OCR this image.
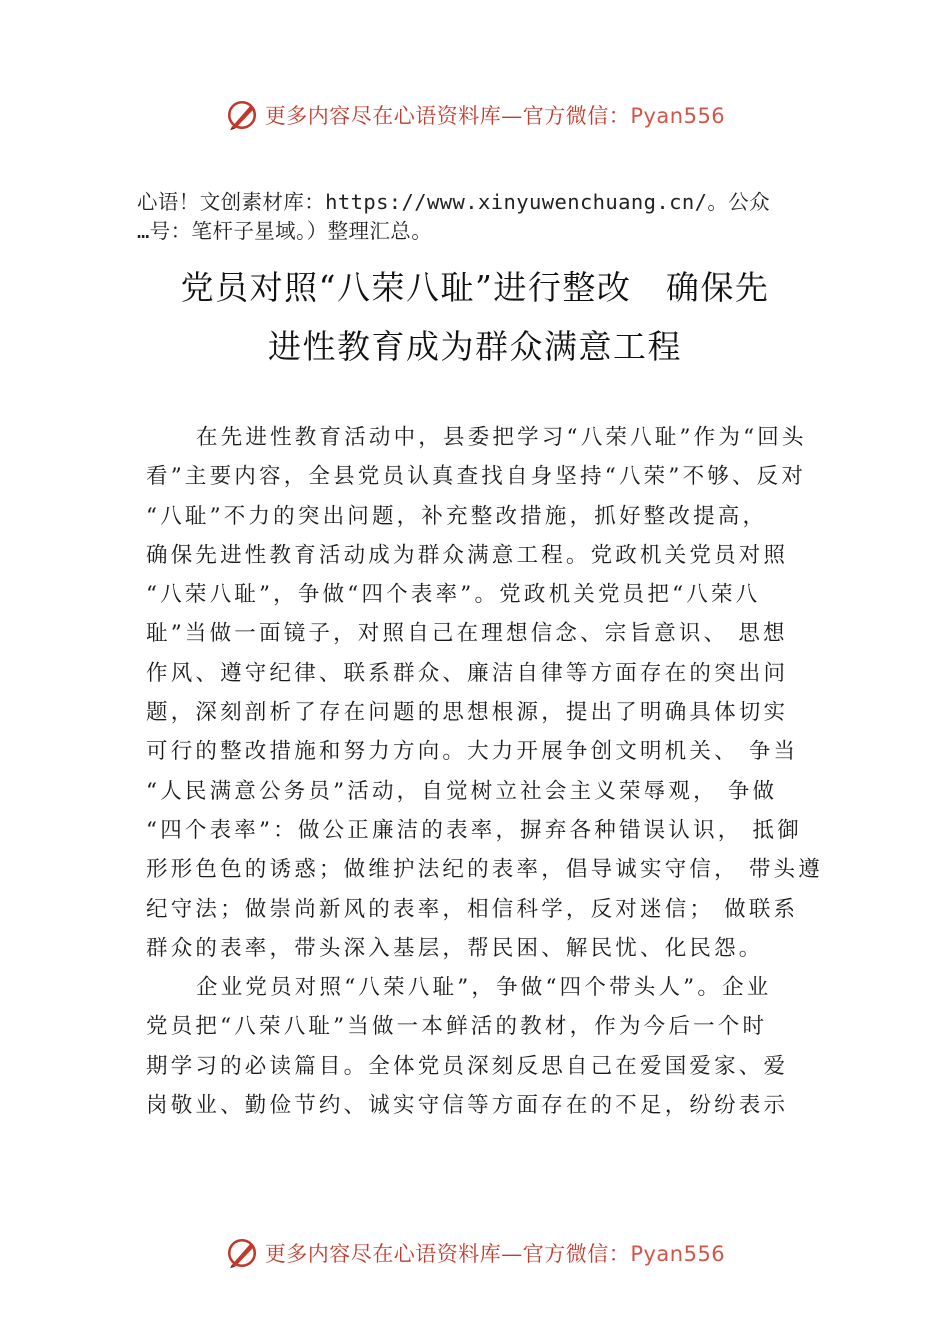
更多内容尽在心语资料库—官方微信：Pyan556

心语！文创素材库：https://www.xinyuwenchuang.cn/。公众
…号：笔杆子星域。）整理汇总。

党员对照“八荣八耻”进行整改　确保先
进性教育成为群众满意工程
在先进性教育活动中，县委把学习“八荣八耻”作为“回头
看”主要内容，全县党员认真查找自身坚持“八荣”不够、反对
“八耻”不力的突出问题，补充整改措施，抓好整改提高，
确保先进性教育活动成为群众满意工程。党政机关党员对照
“八荣八耻”，争做“四个表率”。党政机关党员把“八荣八
耻”当做一面镜子，对照自己在理想信念、宗旨意识、 思想
作风、遵守纪律、联系群众、廉洁自律等方面存在的突出问
题，深刻剖析了存在问题的思想根源，提出了明确具体切实
可行的整改措施和努力方向。大力开展争创文明机关、 争当
“人民满意公务员”活动，自觉树立社会主义荣辱观， 争做
“四个表率”：做公正廉洁的表率，摒弃各种错误认识， 抵御
形形色色的诱惑；做维护法纪的表率，倡导诚实守信， 带头遵
纪守法；做崇尚新风的表率，相信科学，反对迷信； 做联系
群众的表率，带头深入基层，帮民困、解民忧、化民怨。
企业党员对照“八荣八耻”，争做“四个带头人”。企业
党员把“八荣八耻”当做一本鲜活的教材，作为今后一个时
期学习的必读篇目。全体党员深刻反思自己在爱国爱家、爱
岗敬业、勤俭节约、诚实守信等方面存在的不足，纷纷表示
更多内容尽在心语资料库—官方微信：Pyan556
